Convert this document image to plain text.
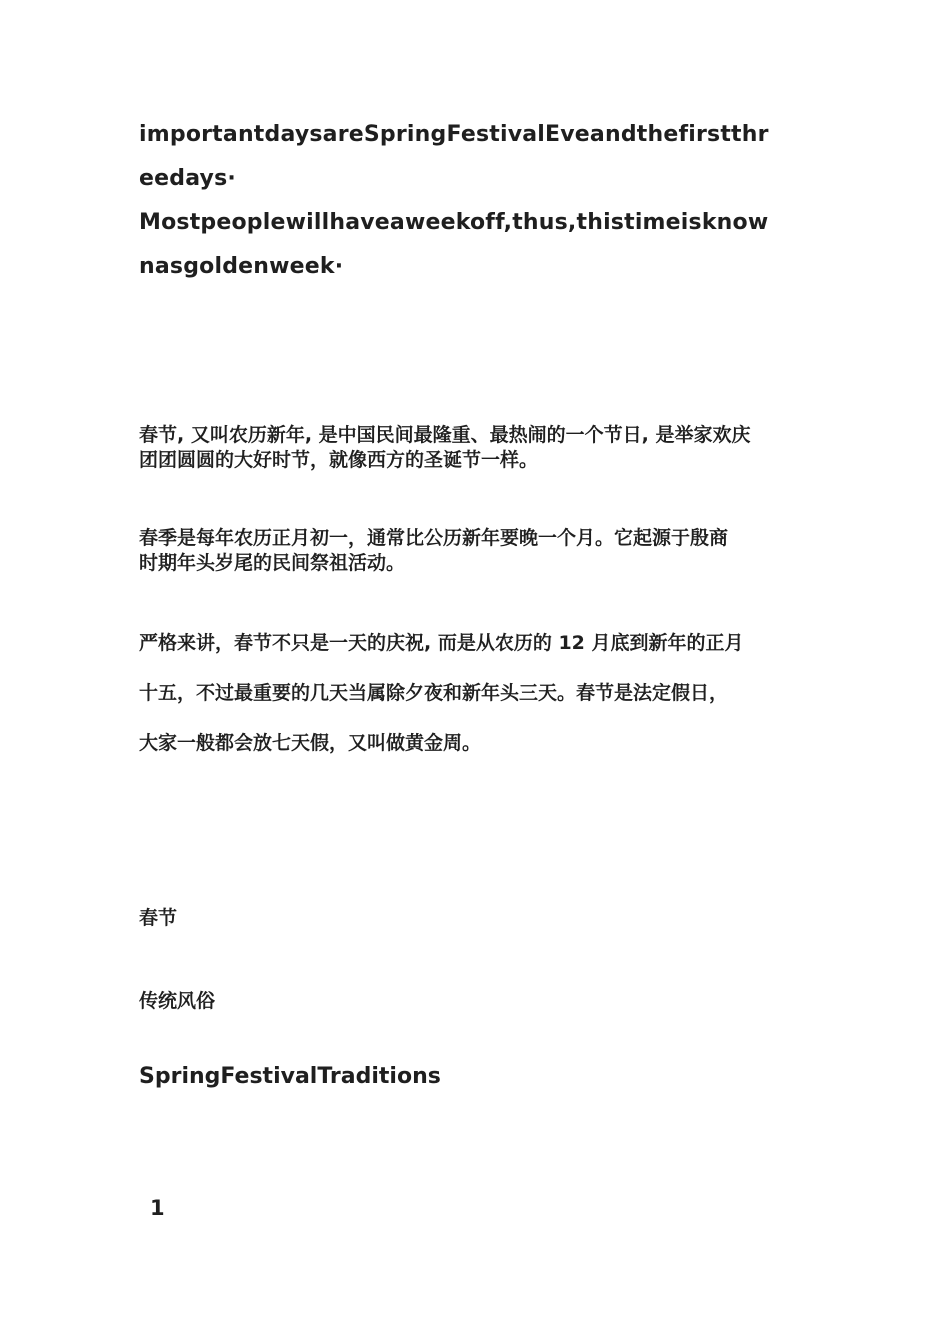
importantdaysareSpringFestivalEveandthefirstthr
eedays·
Mostpeoplewillhaveaweekoff,thus,thistimeisknow
nasgoldenweek·
春节, 又叫农历新年, 是中国民间最隆重、最热闹的一个节日, 是举家欢庆
团团圆圆的大好时节，就像西方的圣诞节一样。
春季是每年农历正月初一，通常比公历新年要晚一个月。它起源于殷商
时期年头岁尾的民间祭祖活动。
严格来讲，春节不只是一天的庆祝, 而是从农历的 12 月底到新年的正月
十五，不过最重要的几天当属除夕夜和新年头三天。春节是法定假日，
大家一般都会放七天假，又叫做黄金周。
春节
传统风俗
SpringFestivalTraditions
1
